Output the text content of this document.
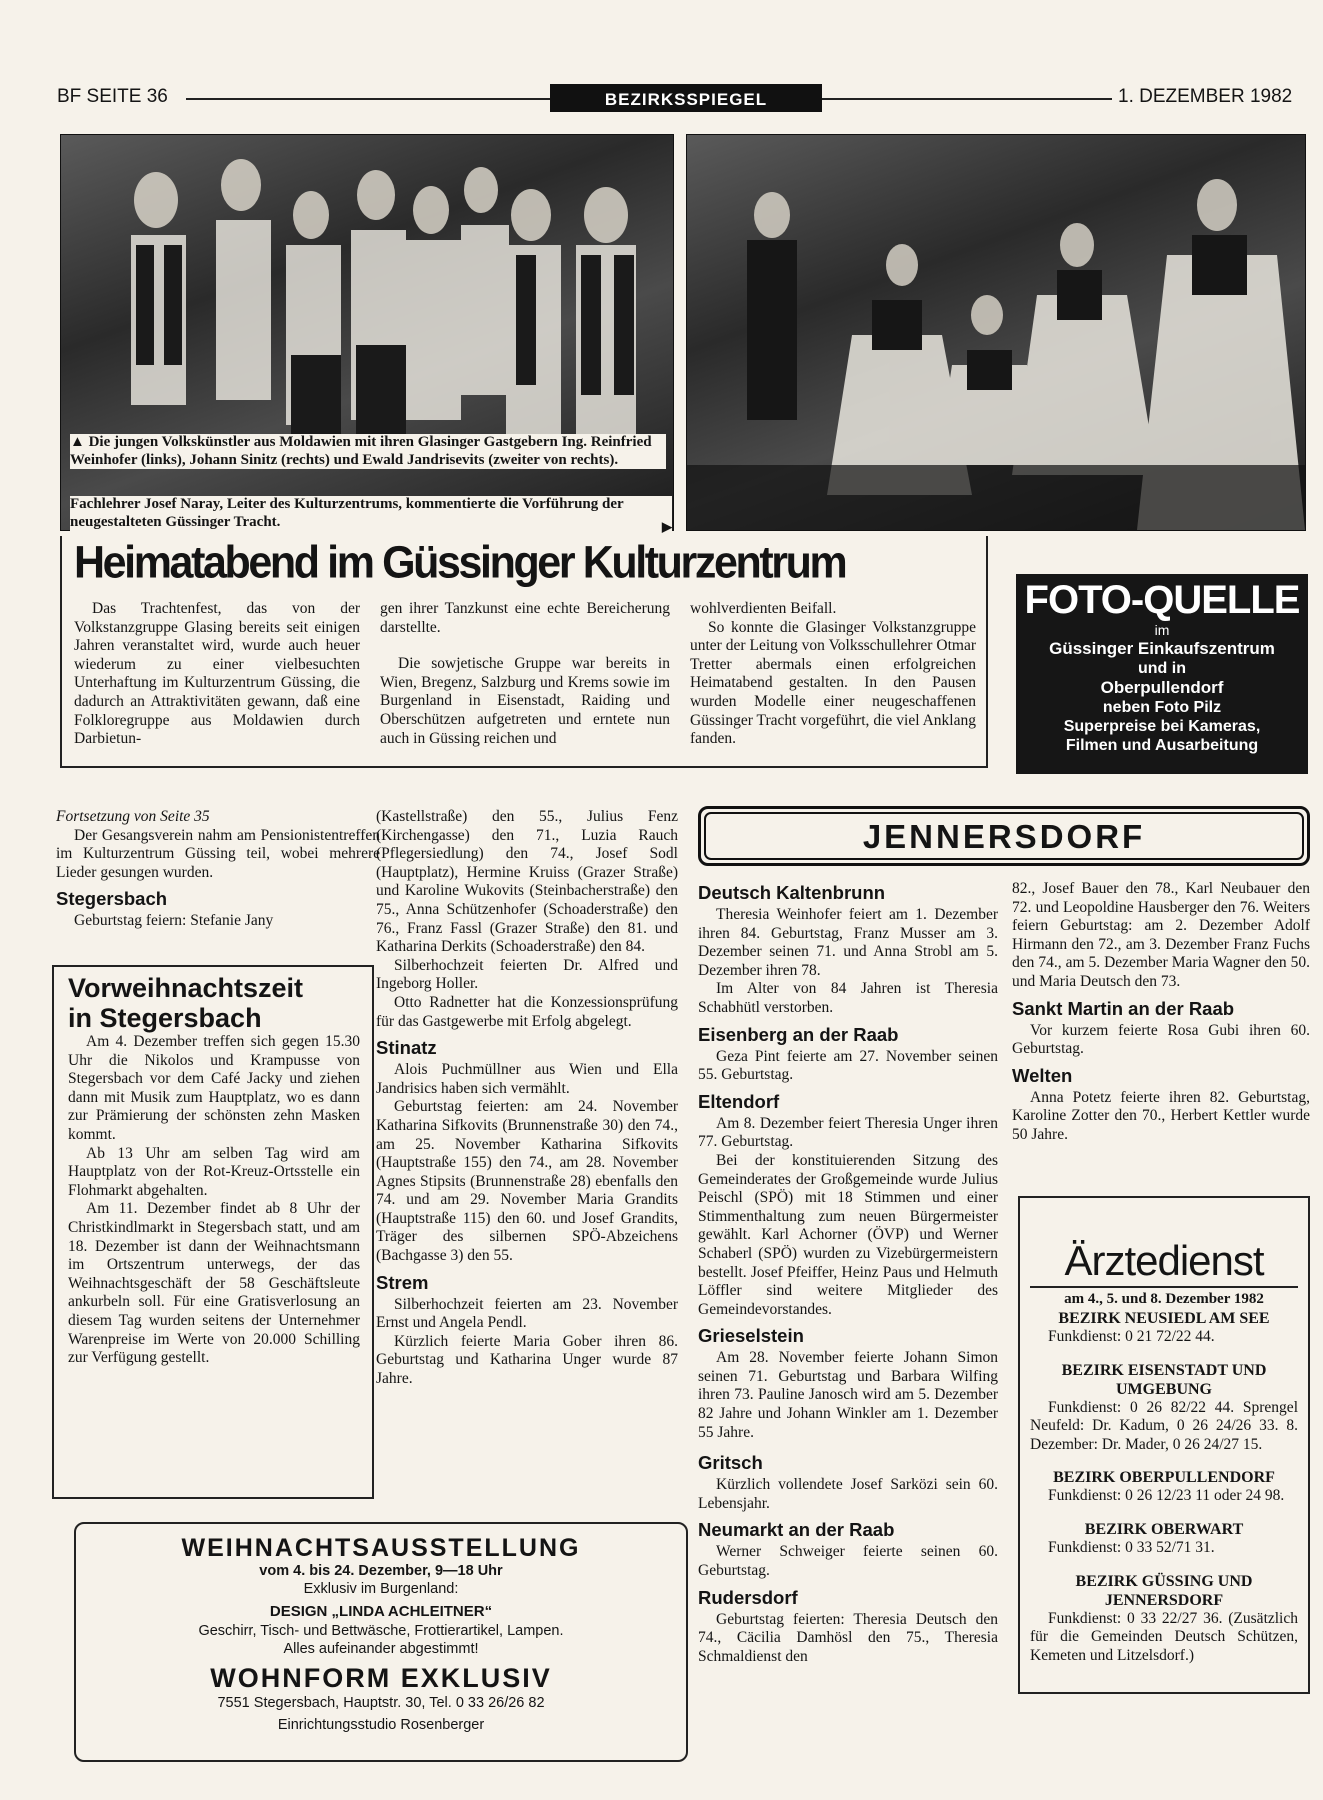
BF SEITE 36	BEZIRKSSPIEGEL	1. DEZEMBER 1982
▲ Die jungen Volkskünstler aus Moldawien mit ihren Glasinger Gastgebern Ing. Reinfried Weinhofer (links), Johann Sinitz (rechts) und Ewald Jandrisevits (zweiter von rechts).
Fachlehrer Josef Naray, Leiter des Kulturzentrums, kommentierte die Vorführung der neugestalteten Güssinger Tracht.	▶
Heimatabend im Güssinger Kulturzentrum

Das Trachtenfest, das von der Volkstanzgruppe Glasing bereits seit einigen Jahren veranstaltet wird, wurde auch heuer wiederum zu einer vielbesuchten Unterhaftung im Kulturzentrum Güssing, die dadurch an Attraktivitäten gewann, daß eine Folkloregruppe aus Moldawien durch Darbietun-

gen ihrer Tanzkunst eine echte Bereicherung darstellte.

Die sowjetische Gruppe war bereits in Wien, Bregenz, Salzburg und Krems sowie im Burgenland in Eisenstadt, Raiding und Oberschützen aufgetreten und erntete nun auch in Güssing reichen und

wohlverdienten Beifall.

So konnte die Glasinger Volkstanzgruppe unter der Leitung von Volksschullehrer Otmar Tretter abermals einen erfolgreichen Heimatabend gestalten. In den Pausen wurden Modelle einer neugeschaffenen Güssinger Tracht vorgeführt, die viel Anklang fanden.

FOTO-QUELLE
im
Güssinger Einkaufszentrum
und in
Oberpullendorf
neben Foto Pilz
Superpreise bei Kameras,
Filmen und Ausarbeitung

Fortsetzung von Seite 35

Der Gesangsverein nahm am Pensionistentreffen im Kulturzentrum Güssing teil, wobei mehrere Lieder gesungen wurden.

Stegersbach

Geburtstag feiern: Stefanie Jany

Vorweihnachtszeit
in Stegersbach

Am 4. Dezember treffen sich gegen 15.30 Uhr die Nikolos und Krampusse von Stegersbach vor dem Café Jacky und ziehen dann mit Musik zum Hauptplatz, wo es dann zur Prämierung der schönsten zehn Masken kommt.

Ab 13 Uhr am selben Tag wird am Hauptplatz von der Rot-Kreuz-Ortsstelle ein Flohmarkt abgehalten.

Am 11. Dezember findet ab 8 Uhr der Christkindlmarkt in Stegersbach statt, und am 18. Dezember ist dann der Weihnachtsmann im Ortszentrum unterwegs, der das Weihnachtsgeschäft der 58 Geschäftsleute ankurbeln soll. Für eine Gratisverlosung an diesem Tag wurden seitens der Unternehmer Warenpreise im Werte von 20.000 Schilling zur Verfügung gestellt.

(Kastellstraße) den 55., Julius Fenz (Kirchengasse) den 71., Luzia Rauch (Pflegersiedlung) den 74., Josef Sodl (Hauptplatz), Hermine Kruiss (Grazer Straße) und Karoline Wukovits (Steinbacherstraße) den 75., Anna Schützenhofer (Schoaderstraße) den 76., Franz Fassl (Grazer Straße) den 81. und Katharina Derkits (Schoaderstraße) den 84.

Silberhochzeit feierten Dr. Alfred und Ingeborg Holler.

Otto Radnetter hat die Konzessionsprüfung für das Gastgewerbe mit Erfolg abgelegt.

Stinatz

Alois Puchmüllner aus Wien und Ella Jandrisics haben sich vermählt.

Geburtstag feierten: am 24. November Katharina Sifkovits (Brunnenstraße 30) den 74., am 25. November Katharina Sifkovits (Hauptstraße 155) den 74., am 28. November Agnes Stipsits (Brunnenstraße 28) ebenfalls den 74. und am 29. November Maria Grandits (Hauptstraße 115) den 60. und Josef Grandits, Träger des silbernen SPÖ-Abzeichens (Bachgasse 3) den 55.

Strem

Silberhochzeit feierten am 23. November Ernst und Angela Pendl.

Kürzlich feierte Maria Gober ihren 86. Geburtstag und Katharina Unger wurde 87 Jahre.

JENNERSDORF
Deutsch Kaltenbrunn

Theresia Weinhofer feiert am 1. Dezember ihren 84. Geburtstag, Franz Musser am 3. Dezember seinen 71. und Anna Strobl am 5. Dezember ihren 78.

Im Alter von 84 Jahren ist Theresia Schabhütl verstorben.

Eisenberg an der Raab

Geza Pint feierte am 27. November seinen 55. Geburtstag.

Eltendorf

Am 8. Dezember feiert Theresia Unger ihren 77. Geburtstag.

Bei der konstituierenden Sitzung des Gemeinderates der Großgemeinde wurde Julius Peischl (SPÖ) mit 18 Stimmen und einer Stimmenthaltung zum neuen Bürgermeister gewählt. Karl Achorner (ÖVP) und Werner Schaberl (SPÖ) wurden zu Vizebürgermeistern bestellt. Josef Pfeiffer, Heinz Paus und Helmuth Löffler sind weitere Mitglieder des Gemeindevorstandes.

Grieselstein

Am 28. November feierte Johann Simon seinen 71. Geburtstag und Barbara Wilfing ihren 73. Pauline Janosch wird am 5. Dezember 82 Jahre und Johann Winkler am 1. Dezember 55 Jahre.

Gritsch

Kürzlich vollendete Josef Sarközi sein 60. Lebensjahr.

Neumarkt an der Raab

Werner Schweiger feierte seinen 60. Geburtstag.

Rudersdorf

Geburtstag feierten: Theresia Deutsch den 74., Cäcilia Damhösl den 75., Theresia Schmaldienst den

82., Josef Bauer den 78., Karl Neubauer den 72. und Leopoldine Hausberger den 76. Weiters feiern Geburtstag: am 2. Dezember Adolf Hirmann den 72., am 3. Dezember Franz Fuchs den 74., am 5. Dezember Maria Wagner den 50. und Maria Deutsch den 73.

Sankt Martin an der Raab

Vor kurzem feierte Rosa Gubi ihren 60. Geburtstag.

Welten

Anna Potetz feierte ihren 82. Geburtstag, Karoline Zotter den 70., Herbert Kettler wurde 50 Jahre.

Ärztedienst
am 4., 5. und 8. Dezember 1982
BEZIRK NEUSIEDL AM SEE

Funkdienst: 0 21 72/22 44.

BEZIRK EISENSTADT UND UMGEBUNG

Funkdienst: 0 26 82/22 44. Sprengel Neufeld: Dr. Kadum, 0 26 24/26 33. 8. Dezember: Dr. Mader, 0 26 24/27 15.

BEZIRK OBERPULLENDORF

Funkdienst: 0 26 12/23 11 oder 24 98.

BEZIRK OBERWART

Funkdienst: 0 33 52/71 31.

BEZIRK GÜSSING UND JENNERSDORF

Funkdienst: 0 33 22/27 36. (Zusätzlich für die Gemeinden Deutsch Schützen, Kemeten und Litzelsdorf.)

WEIHNACHTSAUSSTELLUNG
vom 4. bis 24. Dezember, 9—18 Uhr
Exklusiv im Burgenland:
DESIGN „LINDA ACHLEITNER“
Geschirr, Tisch- und Bettwäsche, Frottierartikel, Lampen.
Alles aufeinander abgestimmt!
WOHNFORM EXKLUSIV
7551 Stegersbach, Hauptstr. 30, Tel. 0 33 26/26 82
Einrichtungsstudio Rosenberger
